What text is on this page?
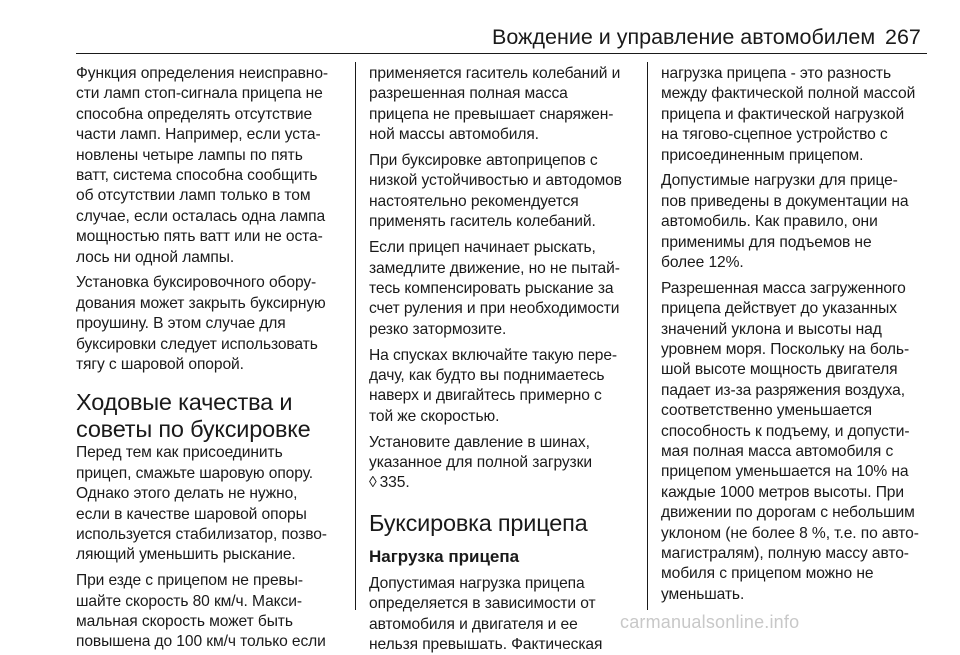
Вождение и управление автомобилем 267
Функция определения неисправно-
сти ламп стоп-сигнала прицепа не
способна определять отсутствие
части ламп. Например, если уста-
новлены четыре лампы по пять
ватт, система способна сообщить
об отсутствии ламп только в том
случае, если осталась одна лампа
мощностью пять ватт или не оста-
лось ни одной лампы.
Установка буксировочного обору-
дования может закрыть буксирную
проушину. В этом случае для
буксировки следует использовать
тягу с шаровой опорой.
Ходовые качества и
советы по буксировке
Перед тем как присоединить
прицеп, смажьте шаровую опору.
Однако этого делать не нужно,
если в качестве шаровой опоры
используется стабилизатор, позво-
ляющий уменьшить рыскание.
При езде с прицепом не превы-
шайте скорость 80 км/ч. Макси-
мальная скорость может быть
повышена до 100 км/ч только если
применяется гаситель колебаний и
разрешенная полная масса
прицепа не превышает снаряжен-
ной массы автомобиля.
При буксировке автоприцепов с
низкой устойчивостью и автодомов
настоятельно рекомендуется
применять гаситель колебаний.
Если прицеп начинает рыскать,
замедлите движение, но не пытай-
тесь компенсировать рыскание за
счет руления и при необходимости
резко затормозите.
На спусках включайте такую пере-
дачу, как будто вы поднимаетесь
наверх и двигайтесь примерно с
той же скоростью.
Установите давление в шинах,
указанное для полной загрузки
◊ 335.
Буксировка прицепа
Нагрузка прицепа
Допустимая нагрузка прицепа
определяется в зависимости от
автомобиля и двигателя и ее
нельзя превышать. Фактическая
нагрузка прицепа - это разность
между фактической полной массой
прицепа и фактической нагрузкой
на тягово-сцепное устройство с
присоединенным прицепом.
Допустимые нагрузки для прице-
пов приведены в документации на
автомобиль. Как правило, они
применимы для подъемов не
более 12%.
Разрешенная масса загруженного
прицепа действует до указанных
значений уклона и высоты над
уровнем моря. Поскольку на боль-
шой высоте мощность двигателя
падает из-за разряжения воздуха,
соответственно уменьшается
способность к подъему, и допусти-
мая полная масса автомобиля с
прицепом уменьшается на 10% на
каждые 1000 метров высоты. При
движении по дорогам с небольшим
уклоном (не более 8 %, т.е. по авто-
магистралям), полную массу авто-
мобиля с прицепом можно не
уменьшать.
carmanualsonline.info
